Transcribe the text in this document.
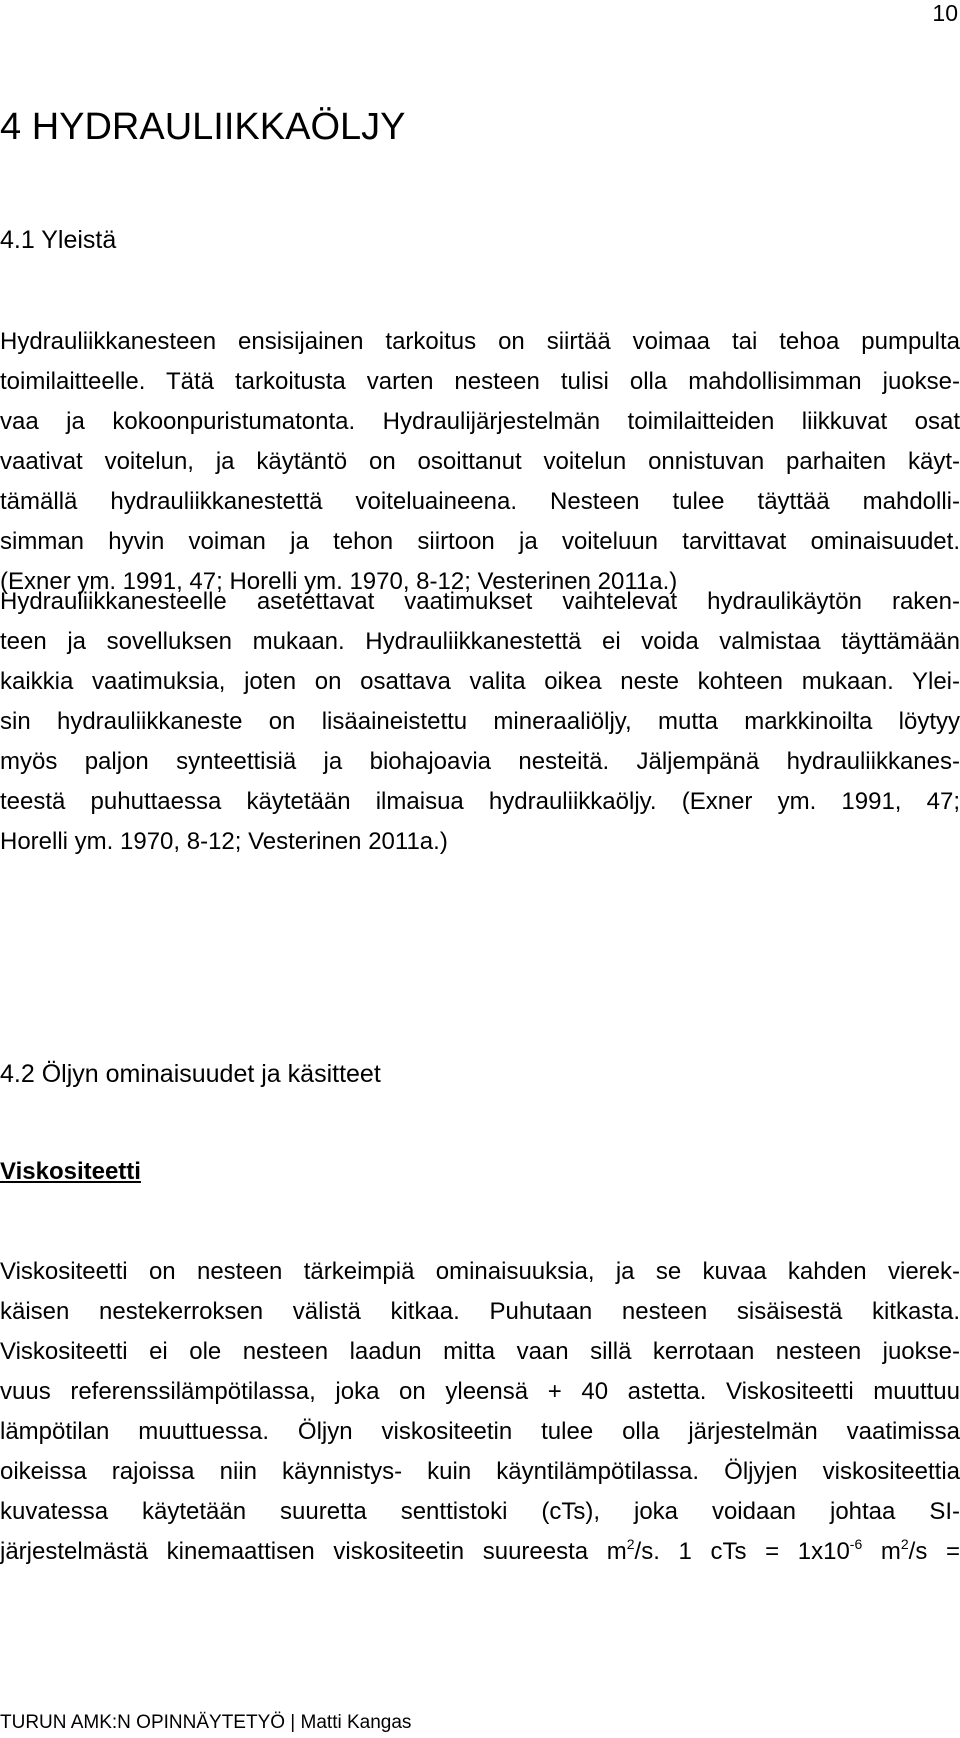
10
4 HYDRAULIIKKAÖLJY
4.1 Yleistä

Hydrauliikkanesteen ensisijainen tarkoitus on siirtää voimaa tai tehoa pumpulta
toimilaitteelle. Tätä tarkoitusta varten nesteen tulisi olla mahdollisimman juokse-
vaa ja kokoonpuristumatonta. Hydraulijärjestelmän toimilaitteiden liikkuvat osat
vaativat voitelun, ja käytäntö on osoittanut voitelun onnistuvan parhaiten käyt-
tämällä hydrauliikkanestettä voiteluaineena. Nesteen tulee täyttää mahdolli-
simman hyvin voiman ja tehon siirtoon ja voiteluun tarvittavat ominaisuudet.
(Exner ym. 1991, 47; Horelli ym. 1970, 8-12; Vesterinen 2011a.)

Hydrauliikkanesteelle asetettavat vaatimukset vaihtelevat hydraulikäytön raken-
teen ja sovelluksen mukaan. Hydrauliikkanestettä ei voida valmistaa täyttämään
kaikkia vaatimuksia, joten on osattava valita oikea neste kohteen mukaan. Ylei-
sin hydrauliikkaneste on lisäaineistettu mineraaliöljy, mutta markkinoilta löytyy
myös paljon synteettisiä ja biohajoavia nesteitä. Jäljempänä hydrauliikkanes-
teestä puhuttaessa käytetään ilmaisua hydrauliikkaöljy. (Exner ym. 1991, 47;
Horelli ym. 1970, 8-12; Vesterinen 2011a.)

4.2 Öljyn ominaisuudet ja käsitteet
Viskositeetti

Viskositeetti on nesteen tärkeimpiä ominaisuuksia, ja se kuvaa kahden vierek-
käisen nestekerroksen välistä kitkaa. Puhutaan nesteen sisäisestä kitkasta.
Viskositeetti ei ole nesteen laadun mitta vaan sillä kerrotaan nesteen juokse-
vuus referenssilämpötilassa, joka on yleensä + 40 astetta. Viskositeetti muuttuu
lämpötilan muuttuessa. Öljyn viskositeetin tulee olla järjestelmän vaatimissa
oikeissa rajoissa niin käynnistys- kuin käyntilämpötilassa. Öljyjen viskositeettia
kuvatessa käytetään suuretta senttistoki (cTs), joka voidaan johtaa SI-
järjestelmästä kinemaattisen viskositeetin suureesta $m^2/s$. 1 cTs = $1x10^{-6}$ $m^2/s$ =

TURUN AMK:N OPINNÄYTETYÖ | Matti Kangas
